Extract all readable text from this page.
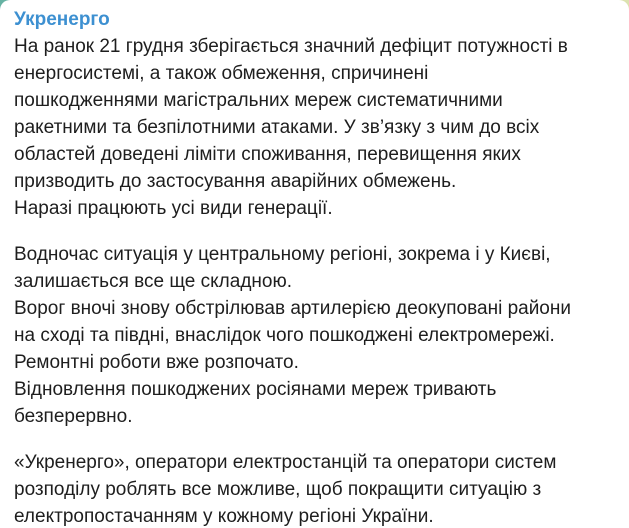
Укренерго
На ранок 21 грудня зберігається значний дефіцит потужності в
енергосистемі, а також обмеження, спричинені
пошкодженнями магістральних мереж систематичними
ракетними та безпілотними атаками. У зв’язку з чим до всіх
областей доведені ліміти споживання, перевищення яких
призводить до застосування аварійних обмежень.
Наразі працюють усі види генерації.
Водночас ситуація у центральному регіоні, зокрема і у Києві,
залишається все ще складною.
Ворог вночі знову обстрілював артилерією деокуповані райони
на сході та півдні, внаслідок чого пошкоджені електромережі.
Ремонтні роботи вже розпочато.
Відновлення пошкоджених росіянами мереж тривають
безперервно.
«Укренерго», оператори електростанцій та оператори систем
розподілу роблять все можливе, щоб покращити ситуацію з
електропостачанням у кожному регіоні України.
